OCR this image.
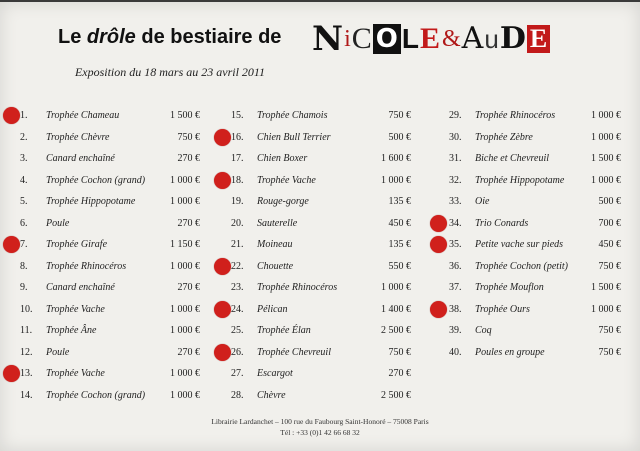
Le drôle de bestiaire de NiC O LE&AuD E
Exposition du 18 mars au 23 avril 2011
1.	Trophée Chameau	1 500 €
2.	Trophée Chèvre	750 €
3.	Canard enchaîné	270 €
4.	Trophée Cochon (grand)	1 000 €
5.	Trophée Hippopotame	1 000 €
6.	Poule	270 €
7.	Trophée Girafe	1 150 €
8.	Trophée Rhinocéros	1 000 €
9.	Canard enchaîné	270 €
10.	Trophée Vache	1 000 €
11.	Trophée Âne	1 000 €
12.	Poule	270 €
13.	Trophée Vache	1 000 €
14.	Trophée Cochon (grand)	1 000 €
15.	Trophée Chamois	750 €
16.	Chien Bull Terrier	500 €
17.	Chien Boxer	1 600 €
18.	Trophée Vache	1 000 €
19.	Rouge-gorge	135 €
20.	Sauterelle	450 €
21.	Moineau	135 €
22.	Chouette	550 €
23.	Trophée Rhinocéros	1 000 €
24.	Pélican	1 400 €
25.	Trophée Élan	2 500 €
26.	Trophée Chevreuil	750 €
27.	Escargot	270 €
28.	Chèvre	2 500 €
29.	Trophée Rhinocéros	1 000 €
30.	Trophée Zèbre	1 000 €
31.	Biche et Chevreuil	1 500 €
32.	Trophée Hippopotame	1 000 €
33.	Oie	500 €
34.	Trio Conards	700 €
35.	Petite vache sur pieds	450 €
36.	Trophée Cochon (petit)	750 €
37.	Trophée Mouflon	1 500 €
38.	Trophée Ours	1 000 €
39.	Coq	750 €
40.	Poules en groupe	750 €
Librairie Lardanchet – 100 rue du Faubourg Saint-Honoré – 75008 Paris
Tél : +33 (0)1 42 66 68 32
